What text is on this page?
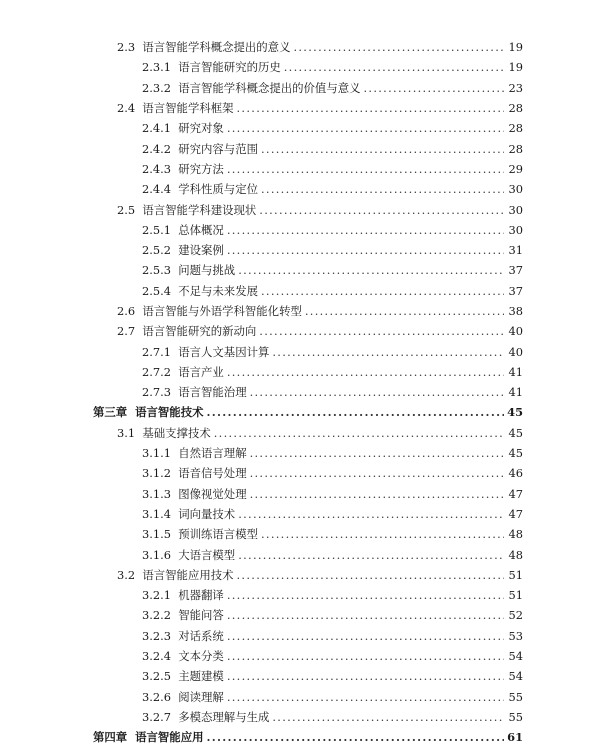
2.3 语言智能学科概念提出的意义 .....	19
2.3.1 语言智能研究的历史 .....	19
2.3.2 语言智能学科概念提出的价值与意义 .....	23
2.4 语言智能学科框架 .....	28
2.4.1 研究对象 .....	28
2.4.2 研究内容与范围 .....	28
2.4.3 研究方法 .....	29
2.4.4 学科性质与定位 .....	30
2.5 语言智能学科建设现状 .....	30
2.5.1 总体概况 .....	30
2.5.2 建设案例 .....	31
2.5.3 问题与挑战 .....	37
2.5.4 不足与未来发展 .....	37
2.6 语言智能与外语学科智能化转型 .....	38
2.7 语言智能研究的新动向 .....	40
2.7.1 语言人文基因计算 .....	40
2.7.2 语言产业 .....	41
2.7.3 语言智能治理 .....	41
第三章 语言智能技术 .....	45
3.1 基础支撑技术 .....	45
3.1.1 自然语言理解 .....	45
3.1.2 语音信号处理 .....	46
3.1.3 图像视觉处理 .....	47
3.1.4 词向量技术 .....	47
3.1.5 预训练语言模型 .....	48
3.1.6 大语言模型 .....	48
3.2 语言智能应用技术 .....	51
3.2.1 机器翻译 .....	51
3.2.2 智能问答 .....	52
3.2.3 对话系统 .....	53
3.2.4 文本分类 .....	54
3.2.5 主题建模 .....	54
3.2.6 阅读理解 .....	55
3.2.7 多模态理解与生成 .....	55
第四章 语言智能应用 .....	61
